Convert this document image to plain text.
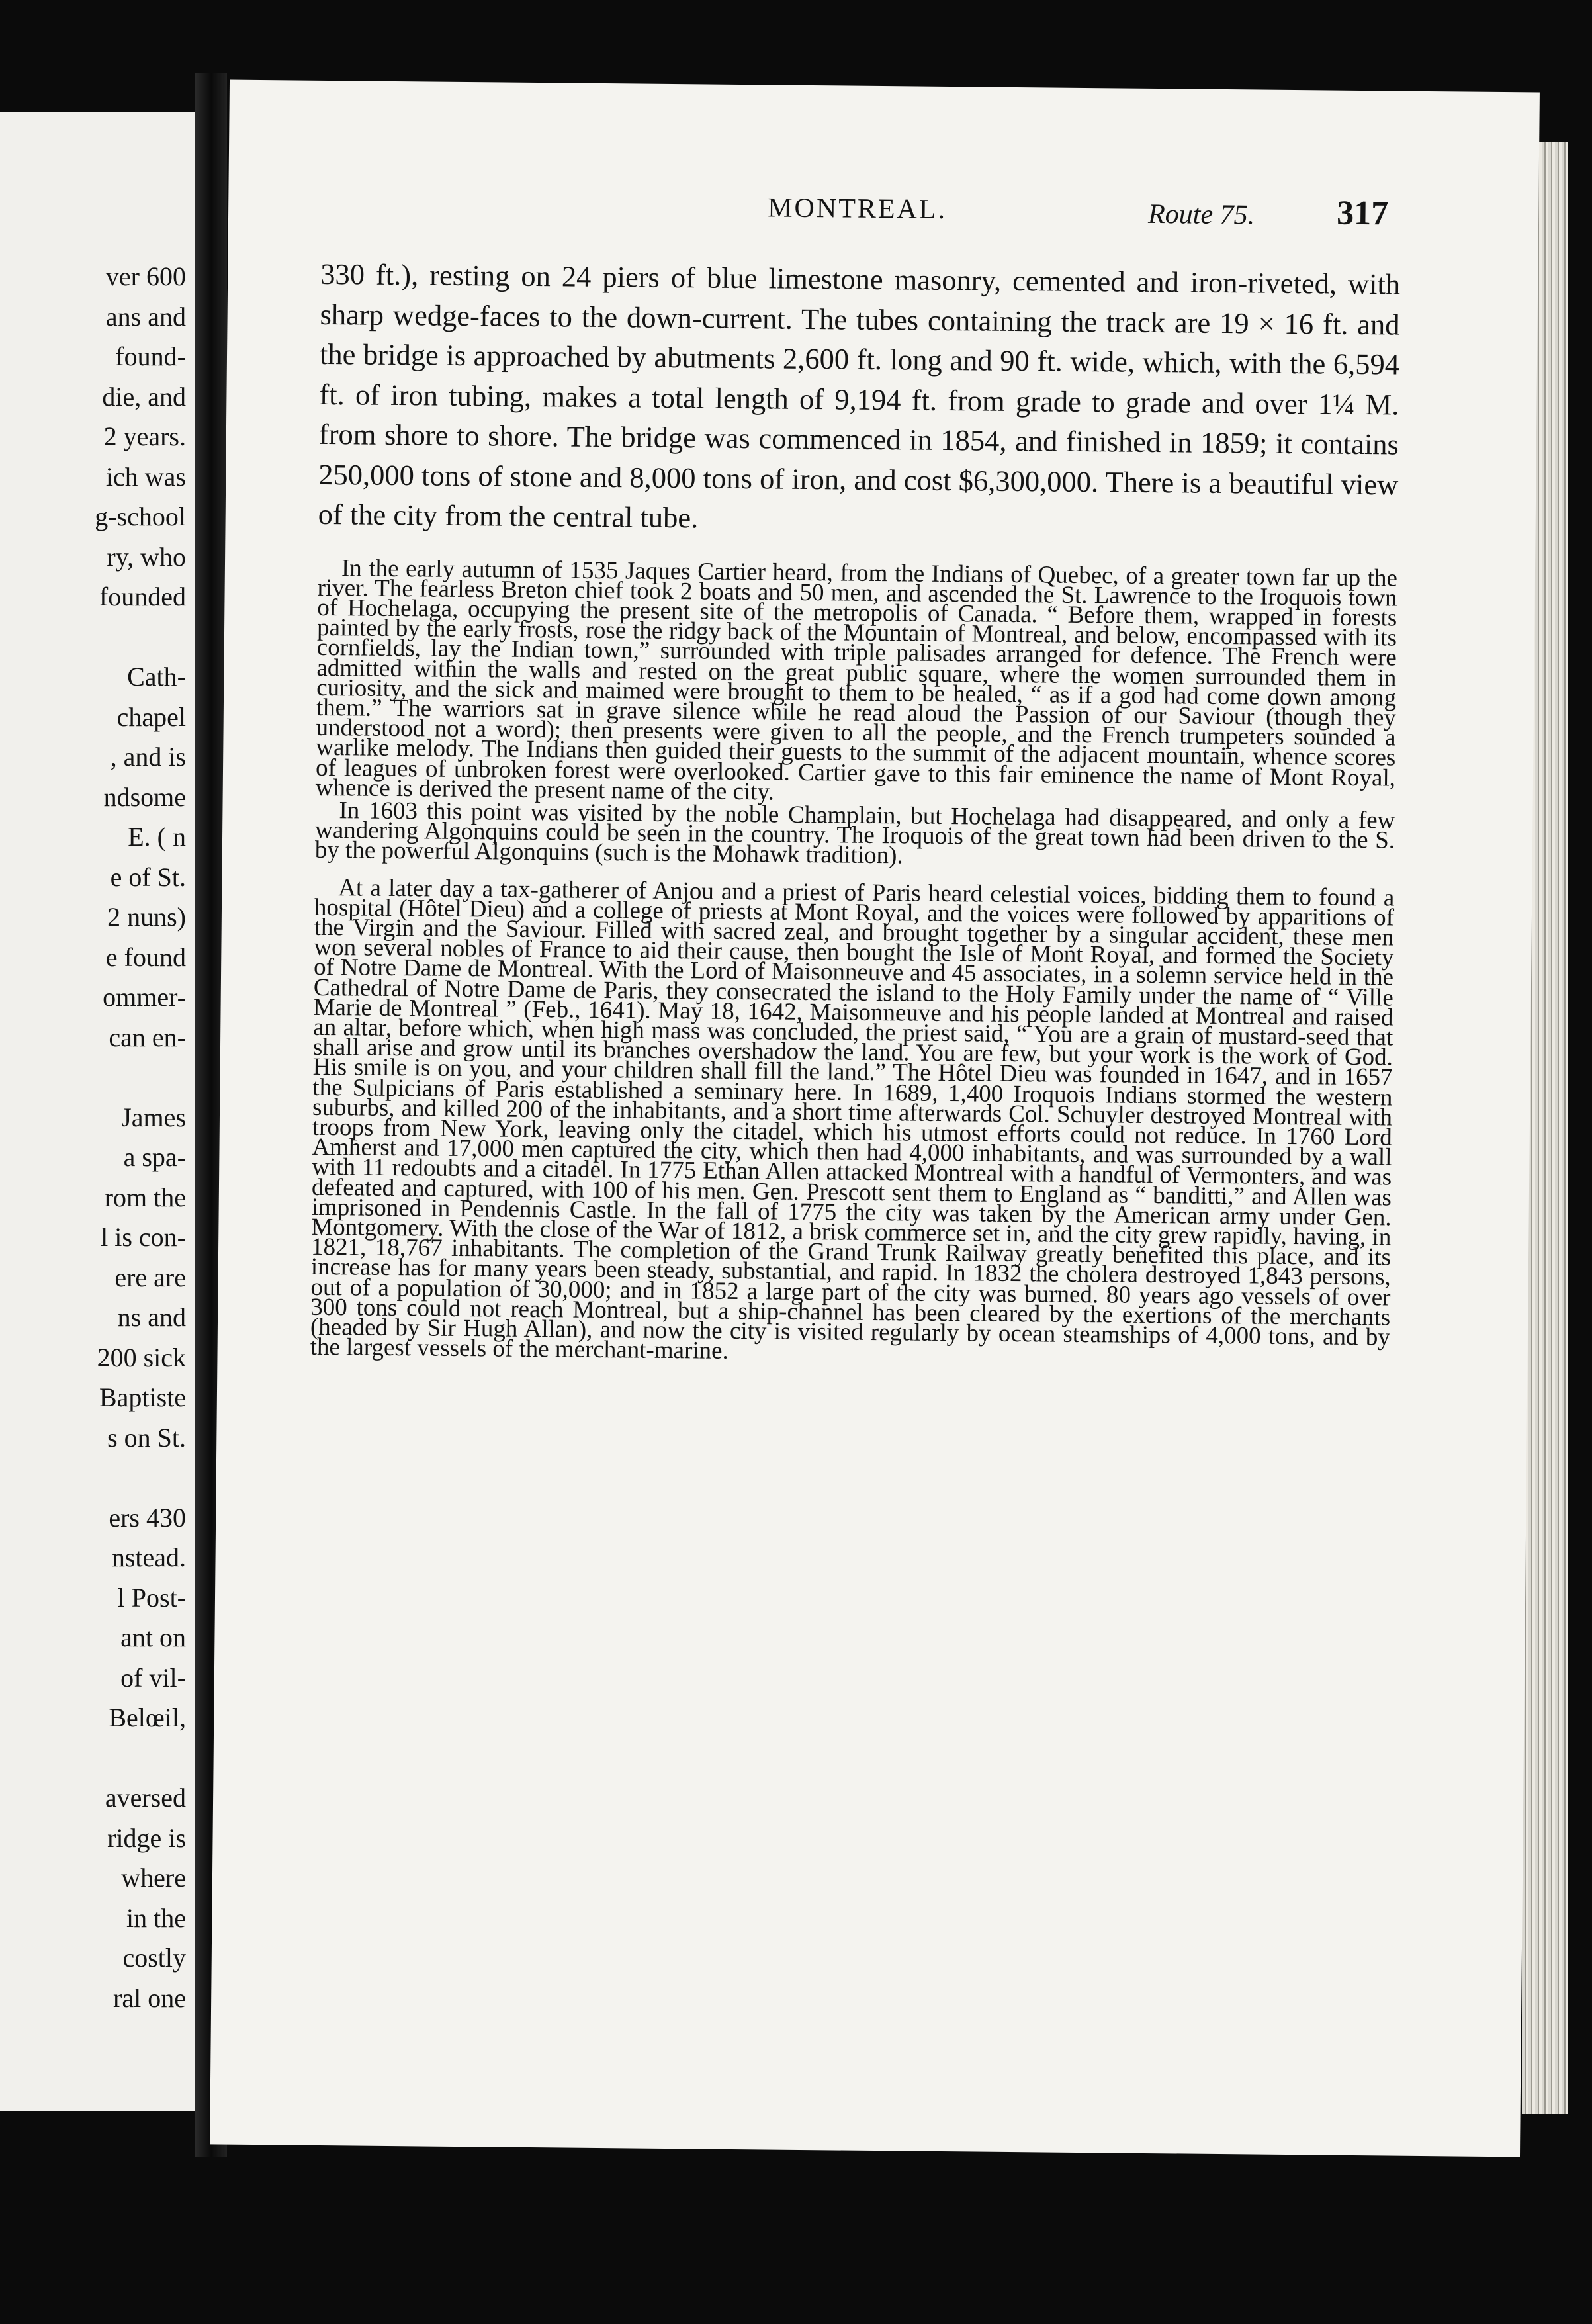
ver 600
ans and
found-
die, and
2 years.
ich was
g-school
ry, who
founded

Cath-
chapel
, and is
ndsome
E. ( n
e of St.
2 nuns)
e found
ommer-
can en-

James
a spa-
rom the
l is con-
ere are
ns and
200 sick
Baptiste
s on St.

ers 430
nstead.
l Post-
ant on
of vil-
Belœil,

aversed
ridge is
where
in the
costly
ral one
MONTREAL.	Route 75. 317

330 ft.), resting on 24 piers of blue limestone masonry, cemented and iron-riveted, with sharp wedge-faces to the down-current. The tubes containing the track are 19 × 16 ft. and the bridge is approached by abutments 2,600 ft. long and 90 ft. wide, which, with the 6,594 ft. of iron tubing, makes a total length of 9,194 ft. from grade to grade and over 1¼ M. from shore to shore. The bridge was commenced in 1854, and finished in 1859; it contains 250,000 tons of stone and 8,000 tons of iron, and cost $6,300,000. There is a beautiful view of the city from the central tube.

In the early autumn of 1535 Jaques Cartier heard, from the Indians of Quebec, of a greater town far up the river. The fearless Breton chief took 2 boats and 50 men, and ascended the St. Lawrence to the Iroquois town of Hochelaga, occupying the present site of the metropolis of Canada. “ Before them, wrapped in forests painted by the early frosts, rose the ridgy back of the Mountain of Montreal, and below, encompassed with its cornfields, lay the Indian town,” surrounded with triple palisades arranged for defence. The French were admitted within the walls and rested on the great public square, where the women surrounded them in curiosity, and the sick and maimed were brought to them to be healed, “ as if a god had come down among them.” The warriors sat in grave silence while he read aloud the Passion of our Saviour (though they understood not a word); then presents were given to all the people, and the French trumpeters sounded a warlike melody. The Indians then guided their guests to the summit of the adjacent mountain, whence scores of leagues of unbroken forest were overlooked. Cartier gave to this fair eminence the name of Mont Royal, whence is derived the present name of the city.

In 1603 this point was visited by the noble Champlain, but Hochelaga had disappeared, and only a few wandering Algonquins could be seen in the country. The Iroquois of the great town had been driven to the S. by the powerful Algonquins (such is the Mohawk tradition).

At a later day a tax-gatherer of Anjou and a priest of Paris heard celestial voices, bidding them to found a hospital (Hôtel Dieu) and a college of priests at Mont Royal, and the voices were followed by apparitions of the Virgin and the Saviour. Filled with sacred zeal, and brought together by a singular accident, these men won several nobles of France to aid their cause, then bought the Isle of Mont Royal, and formed the Society of Notre Dame de Montreal. With the Lord of Maisonneuve and 45 associates, in a solemn service held in the Cathedral of Notre Dame de Paris, they consecrated the island to the Holy Family under the name of “ Ville Marie de Montreal ” (Feb., 1641). May 18, 1642, Maisonneuve and his people landed at Montreal and raised an altar, before which, when high mass was concluded, the priest said, “ You are a grain of mustard-seed that shall arise and grow until its branches overshadow the land. You are few, but your work is the work of God. His smile is on you, and your children shall fill the land.” The Hôtel Dieu was founded in 1647, and in 1657 the Sulpicians of Paris established a seminary here. In 1689, 1,400 Iroquois Indians stormed the western suburbs, and killed 200 of the inhabitants, and a short time afterwards Col. Schuyler destroyed Montreal with troops from New York, leaving only the citadel, which his utmost efforts could not reduce. In 1760 Lord Amherst and 17,000 men captured the city, which then had 4,000 inhabitants, and was surrounded by a wall with 11 redoubts and a citadel. In 1775 Ethan Allen attacked Montreal with a handful of Vermonters, and was defeated and captured, with 100 of his men. Gen. Prescott sent them to England as “ banditti,” and Allen was imprisoned in Pendennis Castle. In the fall of 1775 the city was taken by the American army under Gen. Montgomery. With the close of the War of 1812, a brisk commerce set in, and the city grew rapidly, having, in 1821, 18,767 inhabitants. The completion of the Grand Trunk Railway greatly benefited this place, and its increase has for many years been steady, substantial, and rapid. In 1832 the cholera destroyed 1,843 persons, out of a population of 30,000; and in 1852 a large part of the city was burned. 80 years ago vessels of over 300 tons could not reach Montreal, but a ship-channel has been cleared by the exertions of the merchants (headed by Sir Hugh Allan), and now the city is visited regularly by ocean steamships of 4,000 tons, and by the largest vessels of the merchant-marine.
